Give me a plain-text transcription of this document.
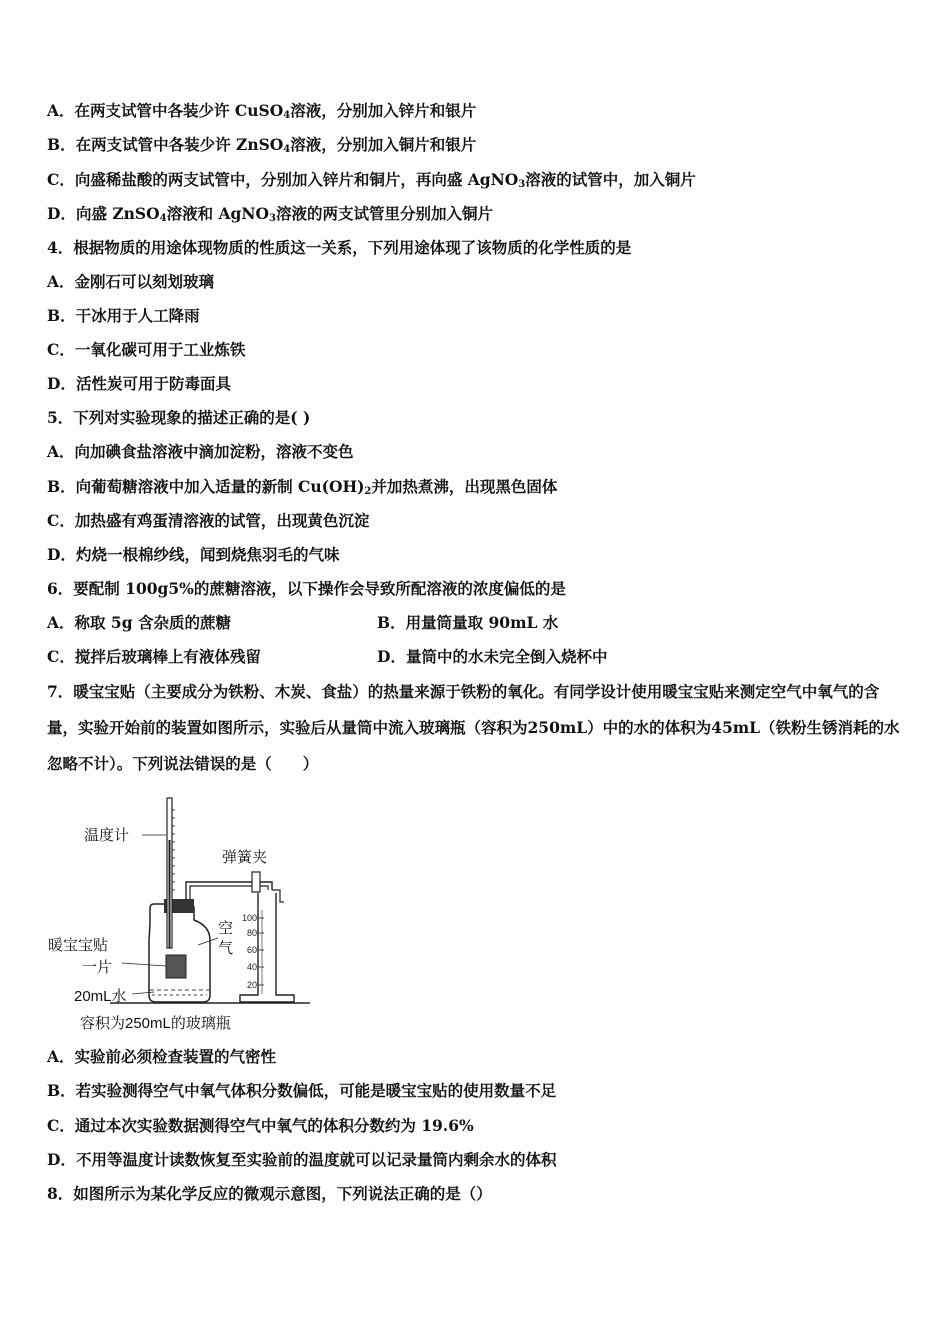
A．在两支试管中各装少许 CuSO$_4$溶液，分别加入锌片和银片
B．在两支试管中各装少许 ZnSO$_4$溶液，分别加入铜片和银片
C．向盛稀盐酸的两支试管中，分别加入锌片和铜片，再向盛 AgNO$_3$溶液的试管中，加入铜片
D．向盛 ZnSO$_4$溶液和 AgNO$_3$溶液的两支试管里分别加入铜片
4．根据物质的用途体现物质的性质这一关系，下列用途体现了该物质的化学性质的是
A．金刚石可以刻划玻璃
B．干冰用于人工降雨
C．一氧化碳可用于工业炼铁
D．活性炭可用于防毒面具
5．下列对实验现象的描述正确的是( )
A．向加碘食盐溶液中滴加淀粉，溶液不变色
B．向葡萄糖溶液中加入适量的新制 $Cu(OH)_2$并加热煮沸，出现黑色固体
C．加热盛有鸡蛋清溶液的试管，出现黄色沉淀
D．灼烧一根棉纱线，闻到烧焦羽毛的气味
6．要配制 100g5%的蔗糖溶液，以下操作会导致所配溶液的浓度偏低的是
A．称取 5g 含杂质的蔗糖	B．用量筒量取 90mL 水
C．搅拌后玻璃棒上有液体残留	D．量筒中的水未完全倒入烧杯中
7．暖宝宝贴（主要成分为铁粉、木炭、食盐）的热量来源于铁粉的氧化。有同学设计使用暖宝宝贴来测定空气中氧气的含量，实验开始前的装置如图所示，实验后从量筒中流入玻璃瓶（容积为250mL）中的水的体积为45mL（铁粉生锈消耗的水忽略不计）。下列说法错误的是（　　）
100
80
60
40
20
温度计
弹簧夹
空
气
暖宝宝贴
一片
20mL水
容积为250mL的玻璃瓶
A．实验前必须检查装置的气密性
B．若实验测得空气中氧气体积分数偏低，可能是暖宝宝贴的使用数量不足
C．通过本次实验数据测得空气中氧气的体积分数约为 19.6%
D．不用等温度计读数恢复至实验前的温度就可以记录量筒内剩余水的体积
8．如图所示为某化学反应的微观示意图，下列说法正确的是（）
